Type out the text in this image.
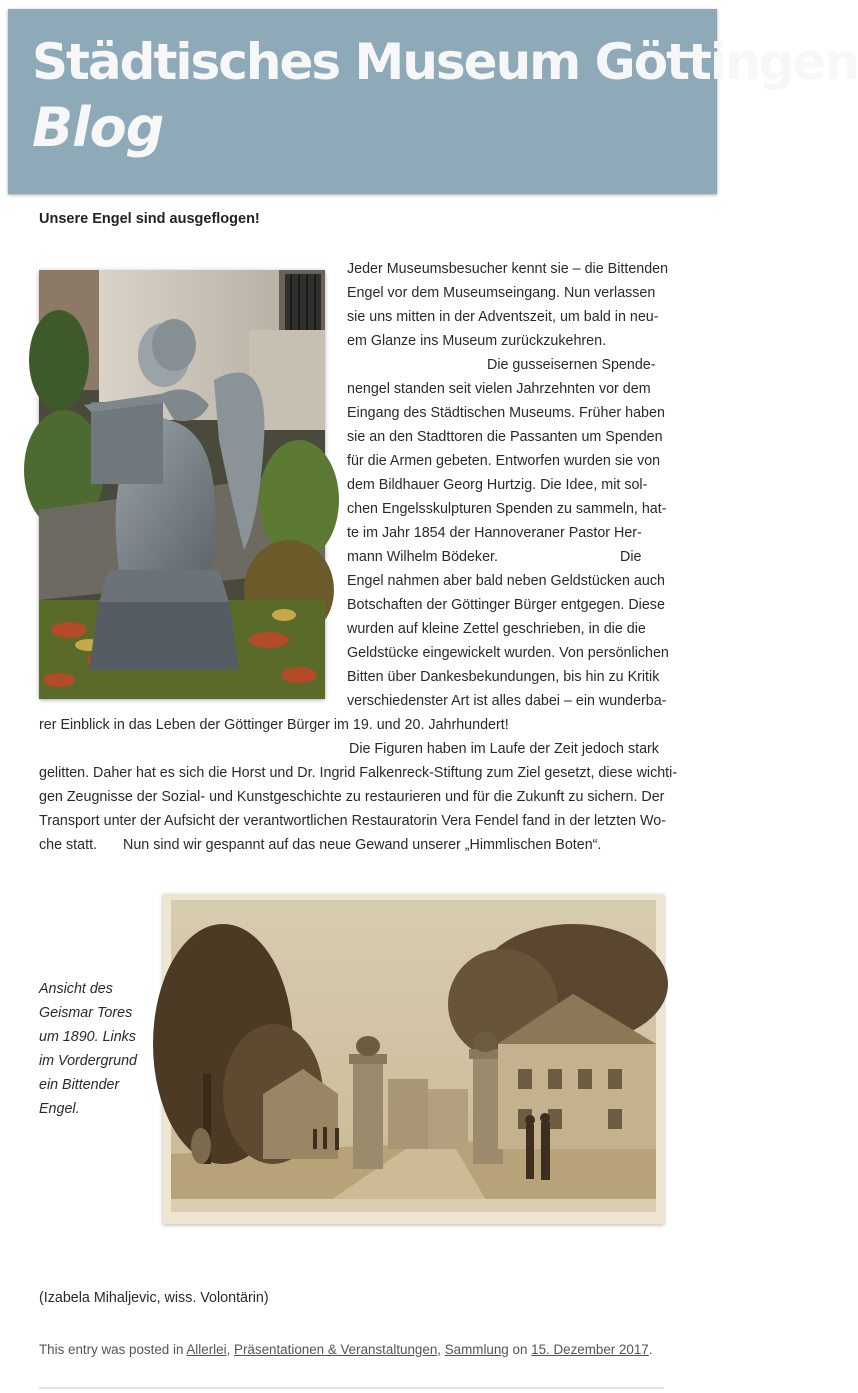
Städtisches Museum Göttingen
Blog
Unsere Engel sind ausgeflogen!
Jeder Museumsbesucher kennt sie – die Bittenden
Engel vor dem Museumseingang. Nun verlassen
sie uns mitten in der Adventszeit, um bald in neu-
em Glanze ins Museum zurückzukehren.
Die gusseisernen Spende-
nengel standen seit vielen Jahrzehnten vor dem
Eingang des Städtischen Museums. Früher haben
sie an den Stadttoren die Passanten um Spenden
für die Armen gebeten. Entworfen wurden sie von
dem Bildhauer Georg Hurtzig. Die Idee, mit sol-
chen Engelsskulpturen Spenden zu sammeln, hat-
te im Jahr 1854 der Hannoveraner Pastor Her-
mann Wilhelm Bödeker.	Die
Engel nahmen aber bald neben Geldstücken auch
Botschaften der Göttinger Bürger entgegen. Diese
wurden auf kleine Zettel geschrieben, in die die
Geldstücke eingewickelt wurden. Von persönlichen
Bitten über Dankesbekundungen, bis hin zu Kritik
verschiedenster Art ist alles dabei – ein wunderba-
rer Einblick in das Leben der Göttinger Bürger im 19. und 20. Jahrhundert!
Die Figuren haben im Laufe der Zeit jedoch stark
gelitten. Daher hat es sich die Horst und Dr. Ingrid Falkenreck-Stiftung zum Ziel gesetzt, diese wichti-
gen Zeugnisse der Sozial- und Kunstgeschichte zu restaurieren und für die Zukunft zu sichern. Der
Transport unter der Aufsicht der verantwortlichen Restauratorin Vera Fendel fand in der letzten Wo-
che statt. Nun sind wir gespannt auf das neue Gewand unserer „Himmlischen Boten“.
Ansicht des
Geismar Tores
um 1890. Links
im Vordergrund
ein Bittender
Engel.
(Izabela Mihaljevic, wiss. Volontärin)
This entry was posted in Allerlei, Präsentationen & Veranstaltungen, Sammlung on 15. Dezember 2017.
